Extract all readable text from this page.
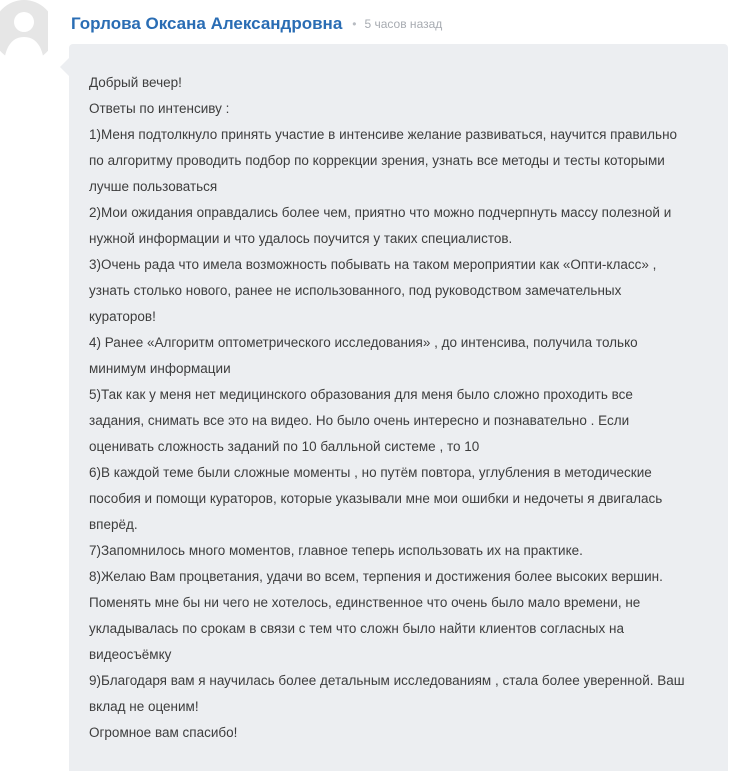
Горлова Оксана Александровна • 5 часов назад
Добрый вечер!
Ответы по интенсиву :
1)Меня подтолкнуло принять участие в интенсиве желание развиваться, научится правильно
по алгоритму проводить подбор по коррекции зрения, узнать все методы и тесты которыми
лучше пользоваться
2)Мои ожидания оправдались более чем, приятно что можно подчерпнуть массу полезной и
нужной информации и что удалось поучится у таких специалистов.
3)Очень рада что имела возможность побывать на таком мероприятии как «Опти-класс» ,
узнать столько нового, ранее не использованного, под руководством замечательных
кураторов!
4) Ранее «Алгоритм оптометрического исследования» , до интенсива, получила только
минимум информации
5)Так как у меня нет медицинского образования для меня было сложно проходить все
задания, снимать все это на видео. Но было очень интересно и познавательно . Если
оценивать сложность заданий по 10 балльной системе , то 10
6)В каждой теме были сложные моменты , но путём повтора, углубления в методические
пособия и помощи кураторов, которые указывали мне мои ошибки и недочеты я двигалась
вперёд.
7)Запомнилось много моментов, главное теперь использовать их на практике.
8)Желаю Вам процветания, удачи во всем, терпения и достижения более высоких вершин.
Поменять мне бы ни чего не хотелось, единственное что очень было мало времени, не
укладывалась по срокам в связи с тем что сложн было найти клиентов согласных на
видеосъёмку
9)Благодаря вам я научилась более детальным исследованиям , стала более уверенной. Ваш
вклад не оценим!
Огромное вам спасибо!
